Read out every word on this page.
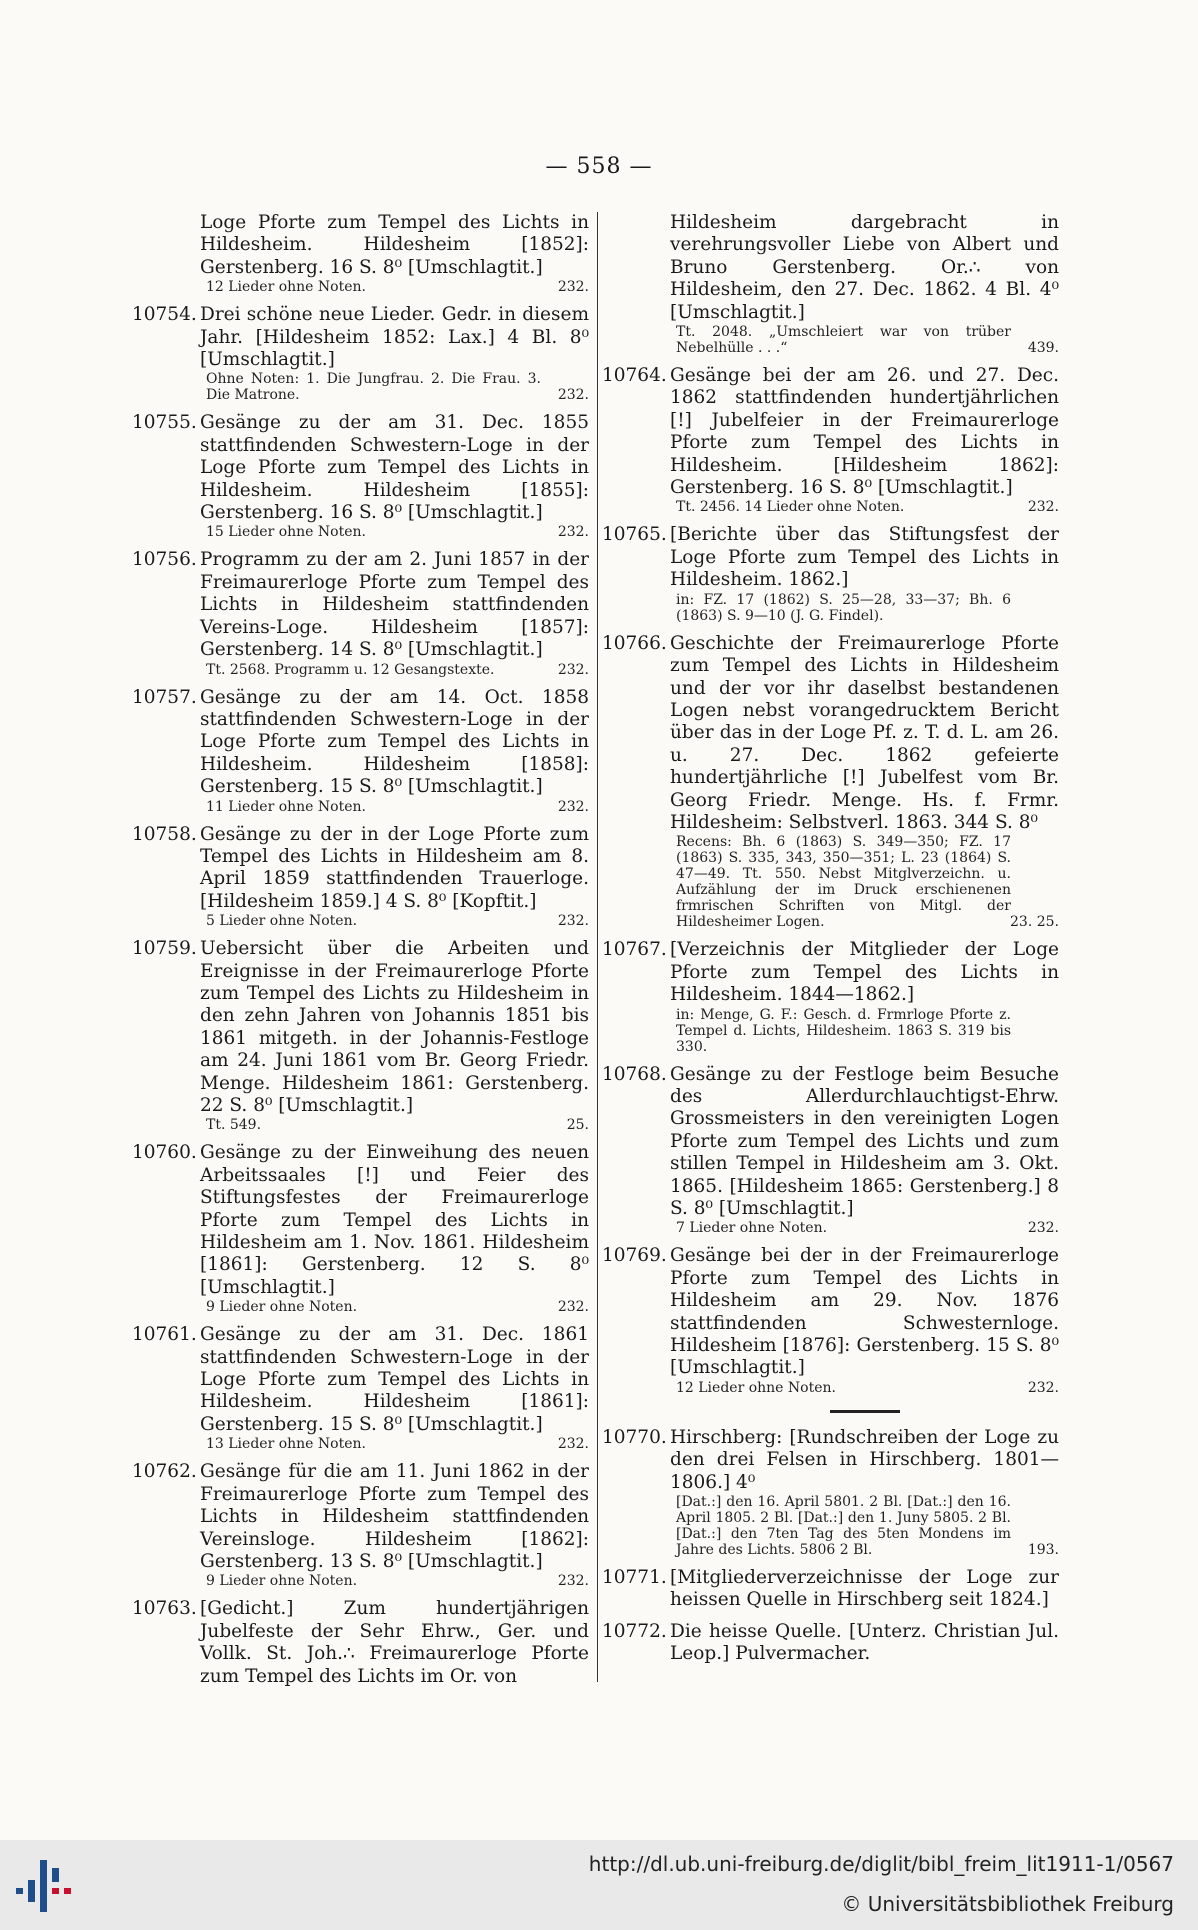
— 558 —
Loge Pforte zum Tempel des Lichts in Hildesheim. Hildesheim [1852]: Gerstenberg. 16 S. 8⁰ [Umschlagtit.]
12 Lieder ohne Noten.	232.
10754. Drei schöne neue Lieder. Gedr. in diesem Jahr. [Hildesheim 1852: Lax.] 4 Bl. 8⁰ [Umschlagtit.]
Ohne Noten: 1. Die Jungfrau. 2. Die Frau. 3. Die Matrone.	232.
10755. Gesänge zu der am 31. Dec. 1855 stattfindenden Schwestern-Loge in der Loge Pforte zum Tempel des Lichts in Hildesheim. Hildesheim [1855]: Gerstenberg. 16 S. 8⁰ [Umschlagtit.]
15 Lieder ohne Noten.	232.
10756. Programm zu der am 2. Juni 1857 in der Freimaurerloge Pforte zum Tempel des Lichts in Hildesheim stattfindenden Vereins-Loge. Hildesheim [1857]: Gerstenberg. 14 S. 8⁰ [Umschlagtit.]
Tt. 2568. Programm u. 12 Gesangstexte.	232.
10757. Gesänge zu der am 14. Oct. 1858 stattfindenden Schwestern-Loge in der Loge Pforte zum Tempel des Lichts in Hildesheim. Hildesheim [1858]: Gerstenberg. 15 S. 8⁰ [Umschlagtit.]
11 Lieder ohne Noten.	232.
10758. Gesänge zu der in der Loge Pforte zum Tempel des Lichts in Hildesheim am 8. April 1859 stattfindenden Trauerloge. [Hildesheim 1859.] 4 S. 8⁰ [Kopftit.]
5 Lieder ohne Noten.	232.
10759. Uebersicht über die Arbeiten und Ereignisse in der Freimaurerloge Pforte zum Tempel des Lichts zu Hildesheim in den zehn Jahren von Johannis 1851 bis 1861 mitgeth. in der Johannis-Festloge am 24. Juni 1861 vom Br. Georg Friedr. Menge. Hildesheim 1861: Gerstenberg. 22 S. 8⁰ [Umschlagtit.]
Tt. 549.	25.
10760. Gesänge zu der Einweihung des neuen Arbeitssaales [!] und Feier des Stiftungsfestes der Freimaurerloge Pforte zum Tempel des Lichts in Hildesheim am 1. Nov. 1861. Hildesheim [1861]: Gerstenberg. 12 S. 8⁰ [Umschlagtit.]
9 Lieder ohne Noten.	232.
10761. Gesänge zu der am 31. Dec. 1861 stattfindenden Schwestern-Loge in der Loge Pforte zum Tempel des Lichts in Hildesheim. Hildesheim [1861]: Gerstenberg. 15 S. 8⁰ [Umschlagtit.]
13 Lieder ohne Noten.	232.
10762. Gesänge für die am 11. Juni 1862 in der Freimaurerloge Pforte zum Tempel des Lichts in Hildesheim stattfindenden Vereinsloge. Hildesheim [1862]: Gerstenberg. 13 S. 8⁰ [Umschlagtit.]
9 Lieder ohne Noten.	232.
10763. [Gedicht.] Zum hundertjährigen Jubelfeste der Sehr Ehrw., Ger. und Vollk. St. Joh.∴ Freimaurerloge Pforte zum Tempel des Lichts im Or. von
Hildesheim dargebracht in verehrungsvoller Liebe von Albert und Bruno Gerstenberg. Or.∴ von Hildesheim, den 27. Dec. 1862. 4 Bl. 4⁰ [Umschlagtit.]
Tt. 2048. „Umschleiert war von trüber Nebelhülle . . .“	439.
10764. Gesänge bei der am 26. und 27. Dec. 1862 stattfindenden hundertjährlichen [!] Jubelfeier in der Freimaurerloge Pforte zum Tempel des Lichts in Hildesheim. [Hildesheim 1862]: Gerstenberg. 16 S. 8⁰ [Umschlagtit.]
Tt. 2456. 14 Lieder ohne Noten.	232.
10765. [Berichte über das Stiftungsfest der Loge Pforte zum Tempel des Lichts in Hildesheim. 1862.]
in: FZ. 17 (1862) S. 25—28, 33—37; Bh. 6 (1863) S. 9—10 (J. G. Findel).
10766. Geschichte der Freimaurerloge Pforte zum Tempel des Lichts in Hildesheim und der vor ihr daselbst bestandenen Logen nebst vorangedrucktem Bericht über das in der Loge Pf. z. T. d. L. am 26. u. 27. Dec. 1862 gefeierte hundertjährliche [!] Jubelfest vom Br. Georg Friedr. Menge. Hs. f. Frmr. Hildesheim: Selbstverl. 1863. 344 S. 8⁰
Recens: Bh. 6 (1863) S. 349—350; FZ. 17 (1863) S. 335, 343, 350—351; L. 23 (1864) S. 47—49. Tt. 550. Nebst Mitglverzeichn. u. Aufzählung der im Druck erschienenen frmrischen Schriften von Mitgl. der Hildesheimer Logen.	23. 25.
10767. [Verzeichnis der Mitglieder der Loge Pforte zum Tempel des Lichts in Hildesheim. 1844—1862.]
in: Menge, G. F.: Gesch. d. Frmrloge Pforte z. Tempel d. Lichts, Hildesheim. 1863 S. 319 bis 330.
10768. Gesänge zu der Festloge beim Besuche des Allerdurchlauchtigst-Ehrw. Grossmeisters in den vereinigten Logen Pforte zum Tempel des Lichts und zum stillen Tempel in Hildesheim am 3. Okt. 1865. [Hildesheim 1865: Gerstenberg.] 8 S. 8⁰ [Umschlagtit.]
7 Lieder ohne Noten.	232.
10769. Gesänge bei der in der Freimaurerloge Pforte zum Tempel des Lichts in Hildesheim am 29. Nov. 1876 stattfindenden Schwesternloge. Hildesheim [1876]: Gerstenberg. 15 S. 8⁰ [Umschlagtit.]
12 Lieder ohne Noten.	232.
10770. Hirschberg: [Rundschreiben der Loge zu den drei Felsen in Hirschberg. 1801—1806.] 4⁰
[Dat.:] den 16. April 5801. 2 Bl. [Dat.:] den 16. April 1805. 2 Bl. [Dat.:] den 1. Juny 5805. 2 Bl. [Dat.:] den 7ten Tag des 5ten Mondens im Jahre des Lichts. 5806 2 Bl.	193.
10771. [Mitgliederverzeichnisse der Loge zur heissen Quelle in Hirschberg seit 1824.]
10772. Die heisse Quelle. [Unterz. Christian Jul. Leop.] Pulvermacher.
http://dl.ub.uni-freiburg.de/diglit/bibl_freim_lit1911-1/0567
© Universitätsbibliothek Freiburg
